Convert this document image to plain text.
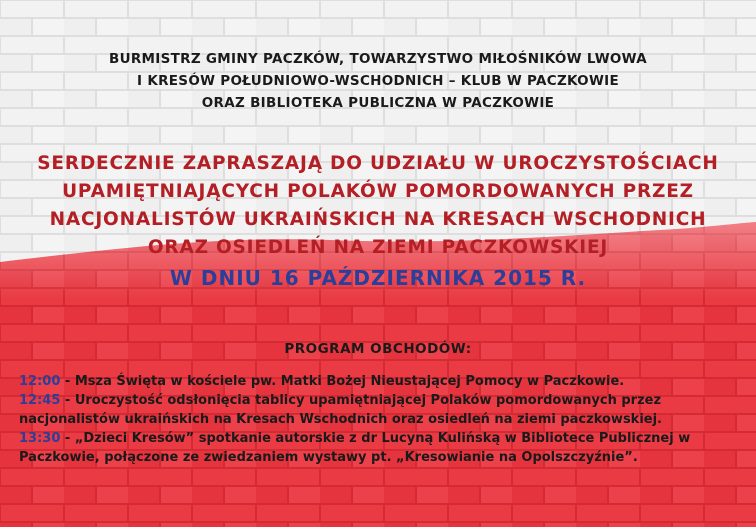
BURMISTRZ GMINY PACZKÓW, TOWARZYSTWO MIŁOŚNIKÓW LWOWA
I KRESÓW POŁUDNIOWO-WSCHODNICH – KLUB W PACZKOWIE
ORAZ BIBLIOTEKA PUBLICZNA W PACZKOWIE
SERDECZNIE ZAPRASZAJĄ DO UDZIAŁU W UROCZYSTOŚCIACH
UPAMIĘTNIAJĄCYCH POLAKÓW POMORDOWANYCH PRZEZ
NACJONALISTÓW UKRAIŃSKICH NA KRESACH WSCHODNICH
ORAZ OSIEDLEŃ NA ZIEMI PACZKOWSKIEJ
W DNIU 16 PAŹDZIERNIKA 2015 R.
PROGRAM OBCHODÓW:

12:00 - Msza Święta w kościele pw. Matki Bożej Nieustającej Pomocy w Paczkowie.

12:45 - Uroczystość odsłonięcia tablicy upamiętniającej Polaków pomordowanych przez nacjonalistów ukraińskich na Kresach Wschodnich oraz osiedleń na ziemi paczkowskiej.

13:30 - „Dzieci Kresów” spotkanie autorskie z dr Lucyną Kulińską w Bibliotece Publicznej w Paczkowie, połączone ze zwiedzaniem wystawy pt. „Kresowianie na Opolszczyźnie”.
